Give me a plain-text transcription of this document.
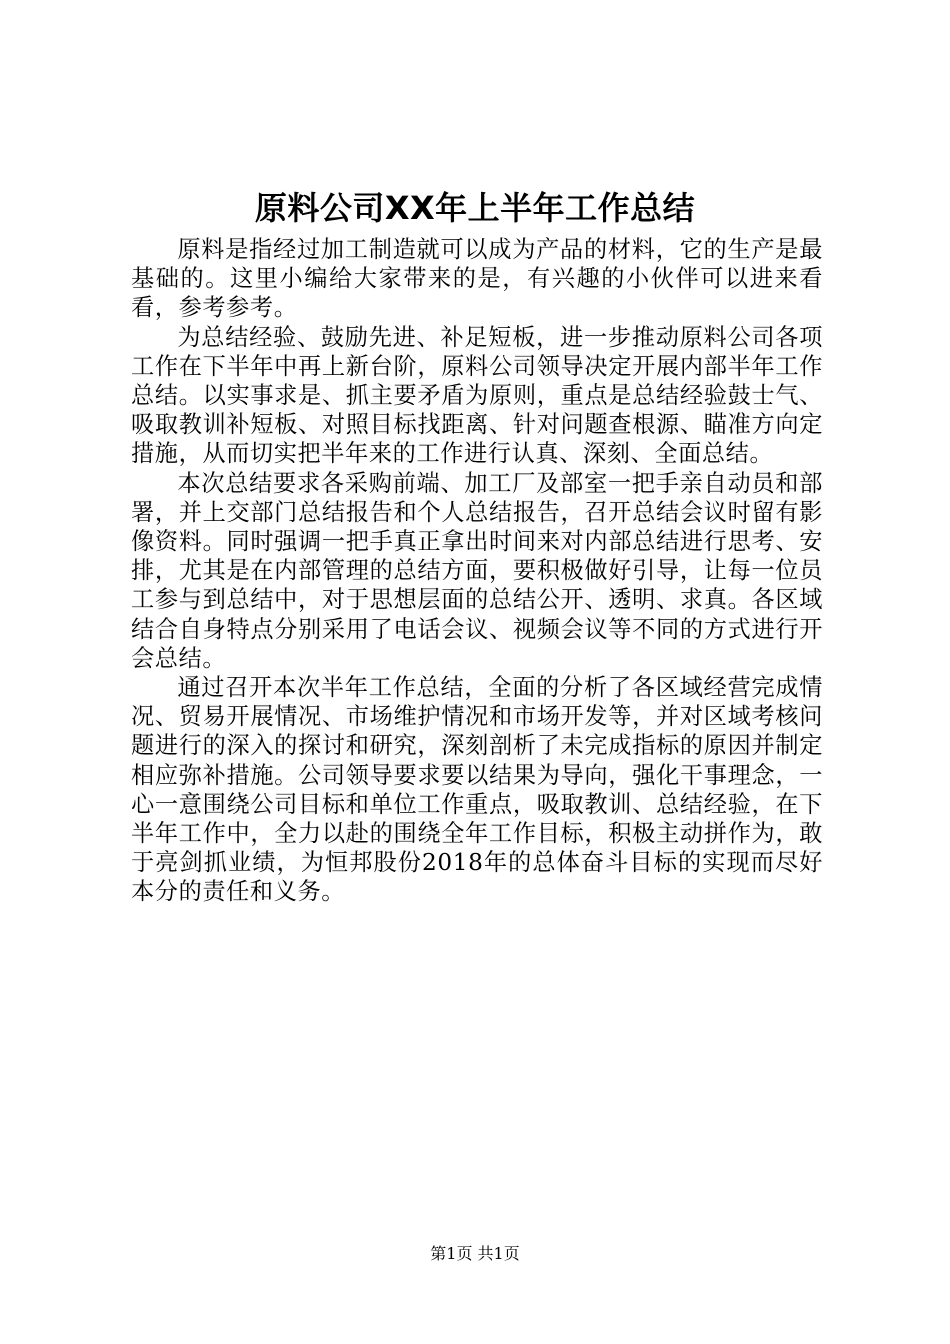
原料公司XX年上半年工作总结

原料是指经过加工制造就可以成为产品的材料，它的生产是最基础的。这里小编给大家带来的是，有兴趣的小伙伴可以进来看看，参考参考。

为总结经验、鼓励先进、补足短板，进一步推动原料公司各项工作在下半年中再上新台阶，原料公司领导决定开展内部半年工作总结。以实事求是、抓主要矛盾为原则，重点是总结经验鼓士气、吸取教训补短板、对照目标找距离、针对问题查根源、瞄准方向定措施，从而切实把半年来的工作进行认真、深刻、全面总结。

本次总结要求各采购前端、加工厂及部室一把手亲自动员和部署，并上交部门总结报告和个人总结报告，召开总结会议时留有影像资料。同时强调一把手真正拿出时间来对内部总结进行思考、安排，尤其是在内部管理的总结方面，要积极做好引导，让每一位员工参与到总结中，对于思想层面的总结公开、透明、求真。各区域结合自身特点分别采用了电话会议、视频会议等不同的方式进行开会总结。

通过召开本次半年工作总结，全面的分析了各区域经营完成情况、贸易开展情况、市场维护情况和市场开发等，并对区域考核问题进行的深入的探讨和研究，深刻剖析了未完成指标的原因并制定相应弥补措施。公司领导要求要以结果为导向，强化干事理念，一心一意围绕公司目标和单位工作重点，吸取教训、总结经验，在下半年工作中，全力以赴的围绕全年工作目标，积极主动拼作为，敢于亮剑抓业绩，为恒邦股份2018年的总体奋斗目标的实现而尽好本分的责任和义务。

第1页 共1页
